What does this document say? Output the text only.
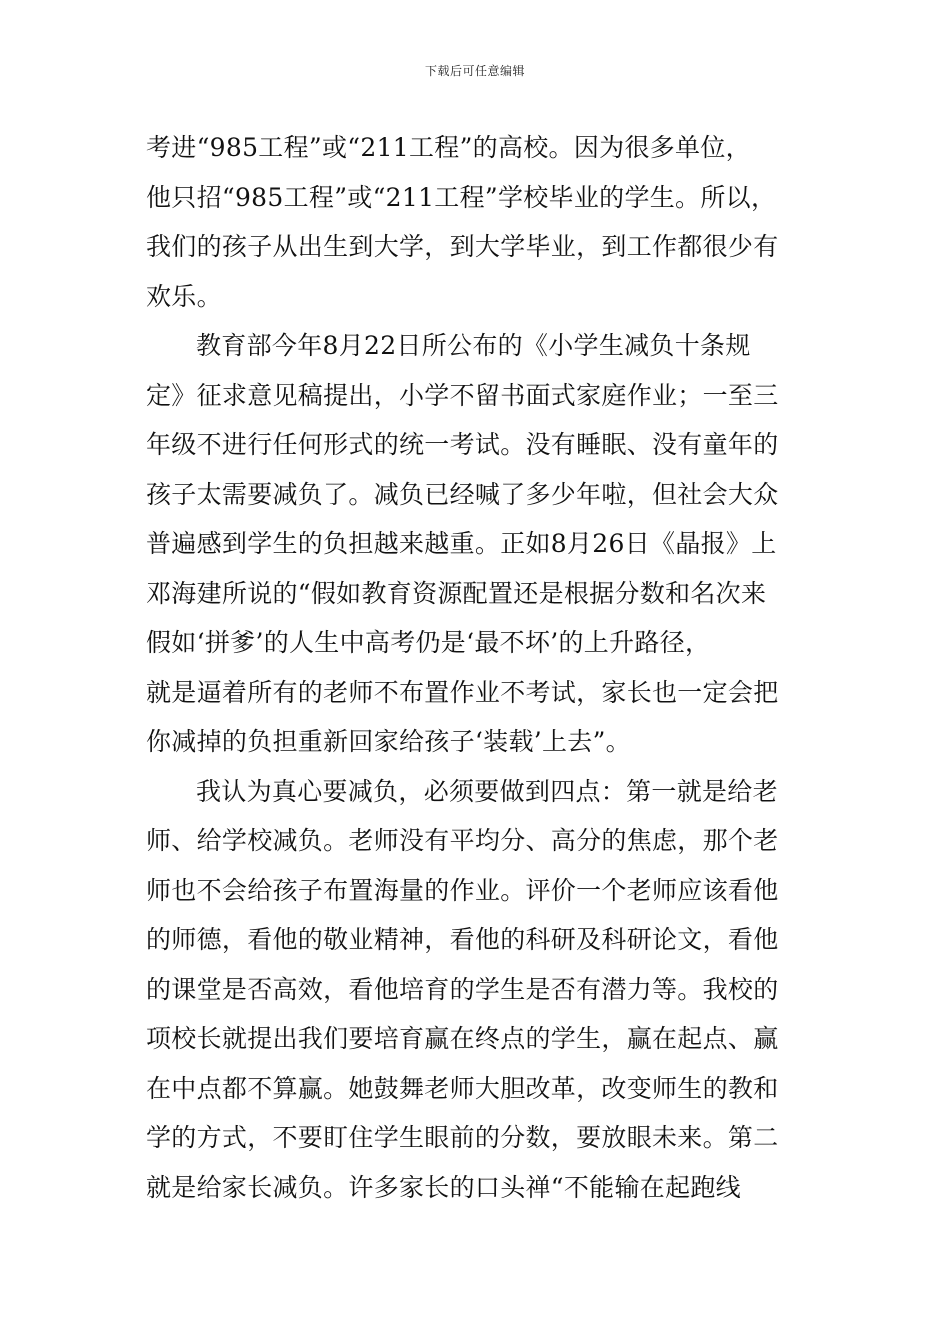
下载后可任意编辑
考进“985工程”或“211工程”的高校。因为很多单位，
他只招“985工程”或“211工程”学校毕业的学生。所以，
我们的孩子从出生到大学，到大学毕业，到工作都很少有
欢乐。
教育部今年8月22日所公布的《小学生减负十条规
定》征求意见稿提出，小学不留书面式家庭作业；一至三
年级不进行任何形式的统一考试。没有睡眠、没有童年的
孩子太需要减负了。减负已经喊了多少年啦，但社会大众
普遍感到学生的负担越来越重。正如8月26日《晶报》上
邓海建所说的“假如教育资源配置还是根据分数和名次来
假如‘拼爹’的人生中高考仍是‘最不坏’的上升路径，
就是逼着所有的老师不布置作业不考试，家长也一定会把
你减掉的负担重新回家给孩子‘装载’上去”。
我认为真心要减负，必须要做到四点：第一就是给老
师、给学校减负。老师没有平均分、高分的焦虑，那个老
师也不会给孩子布置海量的作业。评价一个老师应该看他
的师德，看他的敬业精神，看他的科研及科研论文，看他
的课堂是否高效，看他培育的学生是否有潜力等。我校的
项校长就提出我们要培育赢在终点的学生，赢在起点、赢
在中点都不算赢。她鼓舞老师大胆改革，改变师生的教和
学的方式，不要盯住学生眼前的分数，要放眼未来。第二
就是给家长减负。许多家长的口头禅“不能输在起跑线
